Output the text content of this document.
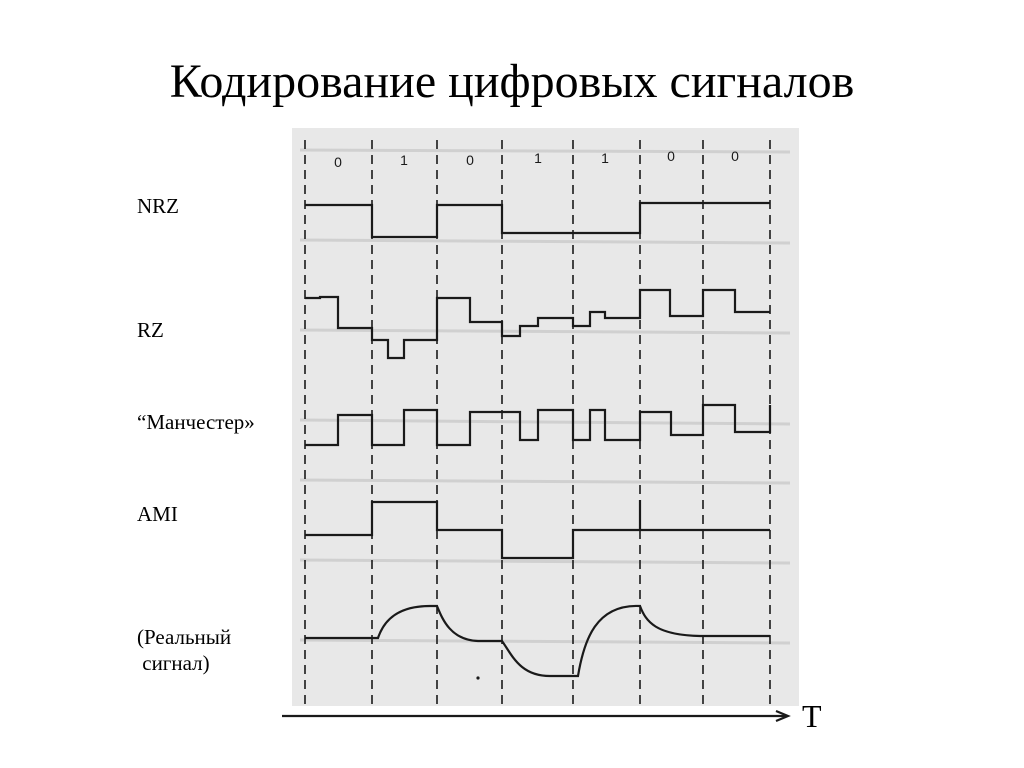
Кодирование цифровых сигналов
NRZ
RZ
“Манчестер»
AMI
(Реальный
сигнал)
0	1	0	1	1	0	0
T
